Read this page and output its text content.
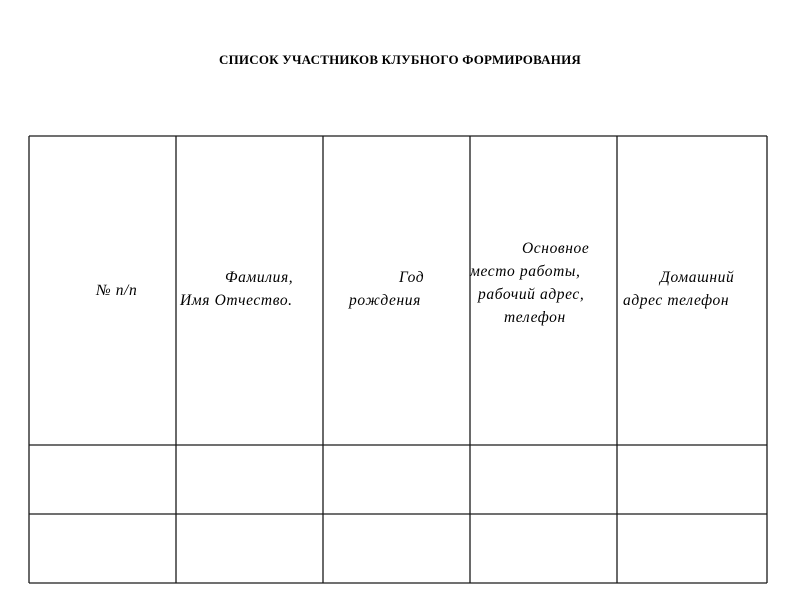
СПИСОК УЧАСТНИКОВ КЛУБНОГО ФОРМИРОВАНИЯ
№ п/п
Фамилия,
Имя Отчество.
Год
рождения
Основное
место работы,
рабочий адрес,
телефон
Домашний
адрес телефон
